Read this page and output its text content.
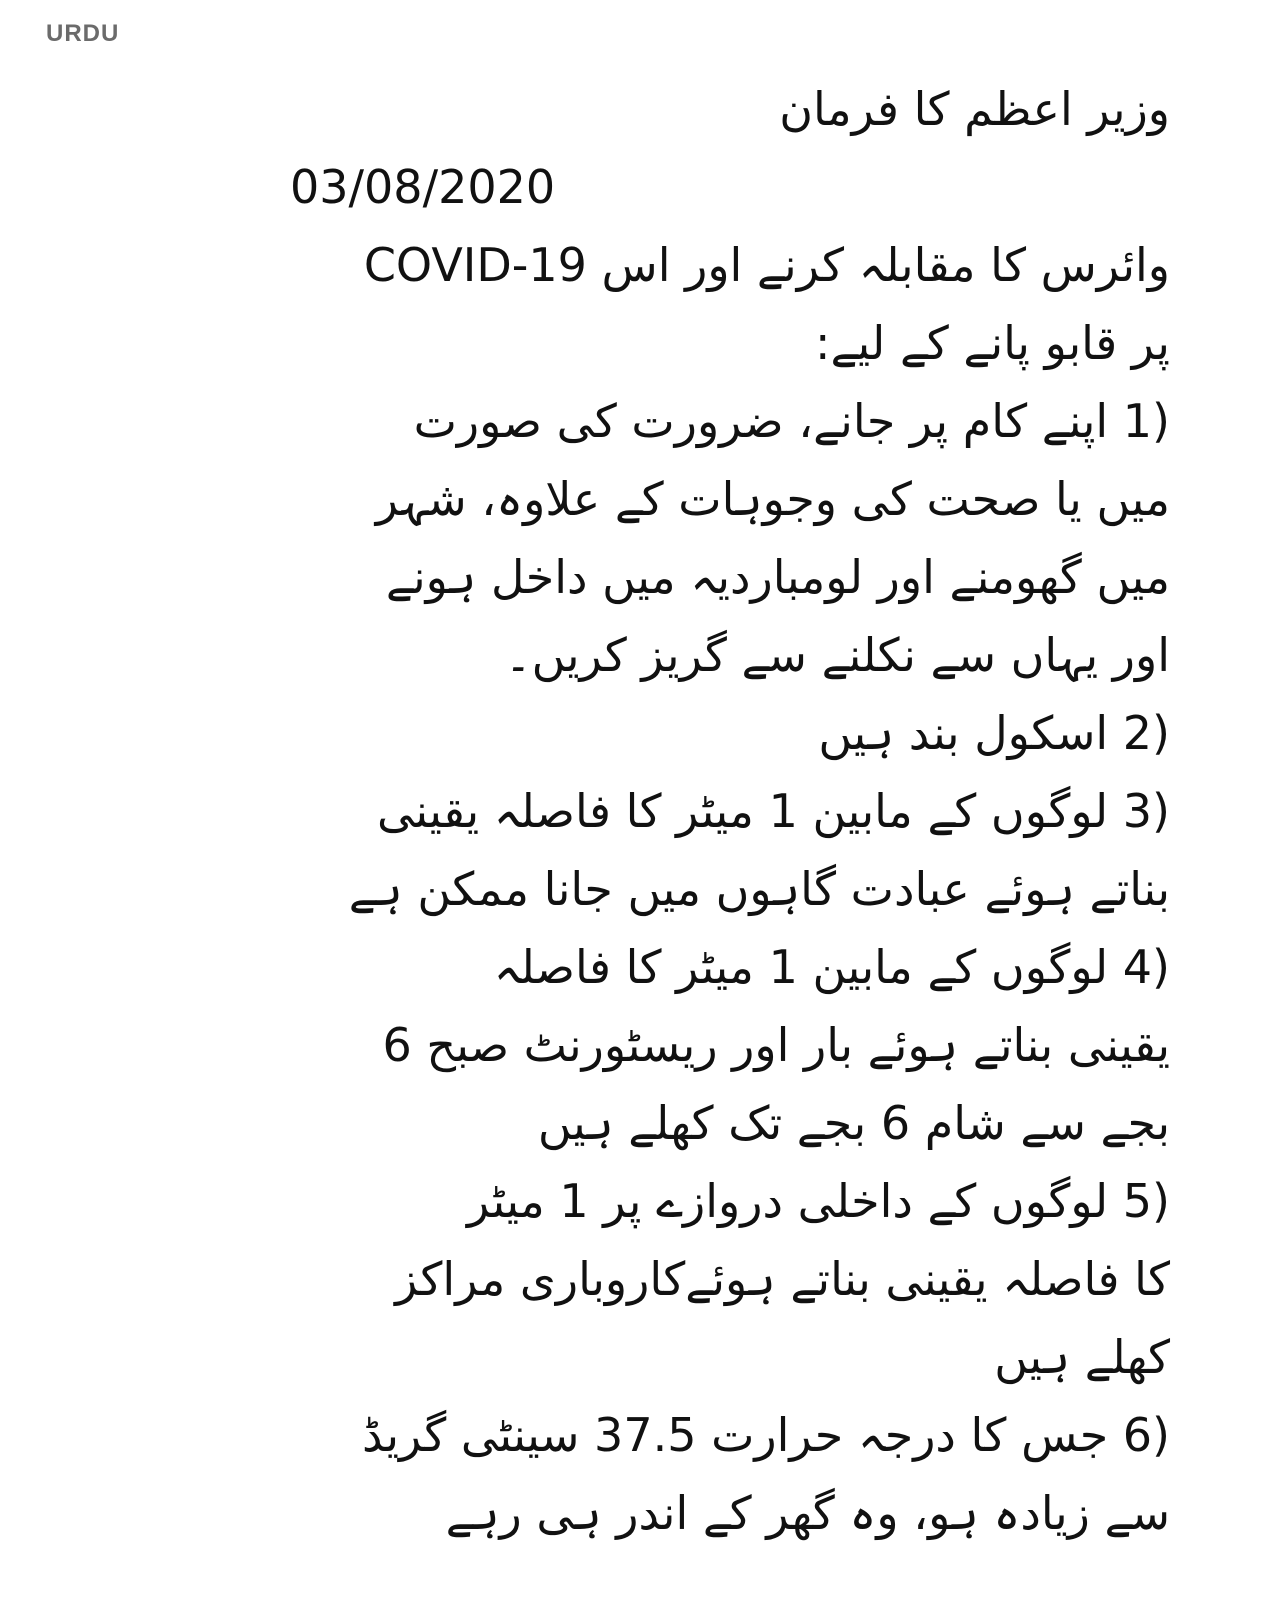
URDU
وزیر اعظم کا فرمان
03/08/2020
وائرس کا مقابلہ کرنے اور اس COVID-19
پر قابو پانے کے لیے:
1) اپنے کام پر جانے، ضرورت کی صورت
میں یا صحت کی وجوہات کے علاوہ، شہر
میں گھومنے اور لومباردیہ میں داخل ہونے
اور یہاں سے نکلنے سے گریز کریں۔
2) اسکول بند ہیں
3) لوگوں کے مابین 1 میٹر کا فاصلہ یقینی
بناتے ہوئے عبادت گاہوں میں جانا ممکن ہے
4) لوگوں کے مابین 1 میٹر کا فاصلہ
یقینی بناتے ہوئے بار اور ریسٹورنٹ صبح 6
بجے سے شام 6 بجے تک کھلے ہیں
5) لوگوں کے داخلی دروازے پر 1 میٹر
کا فاصلہ یقینی بناتے ہوئےکاروباری مراکز
کھلے ہیں
6) جس کا درجہ حرارت 37.5 سینٹی گریڈ
سے زیادہ ہو، وہ گھر کے اندر ہی رہے
